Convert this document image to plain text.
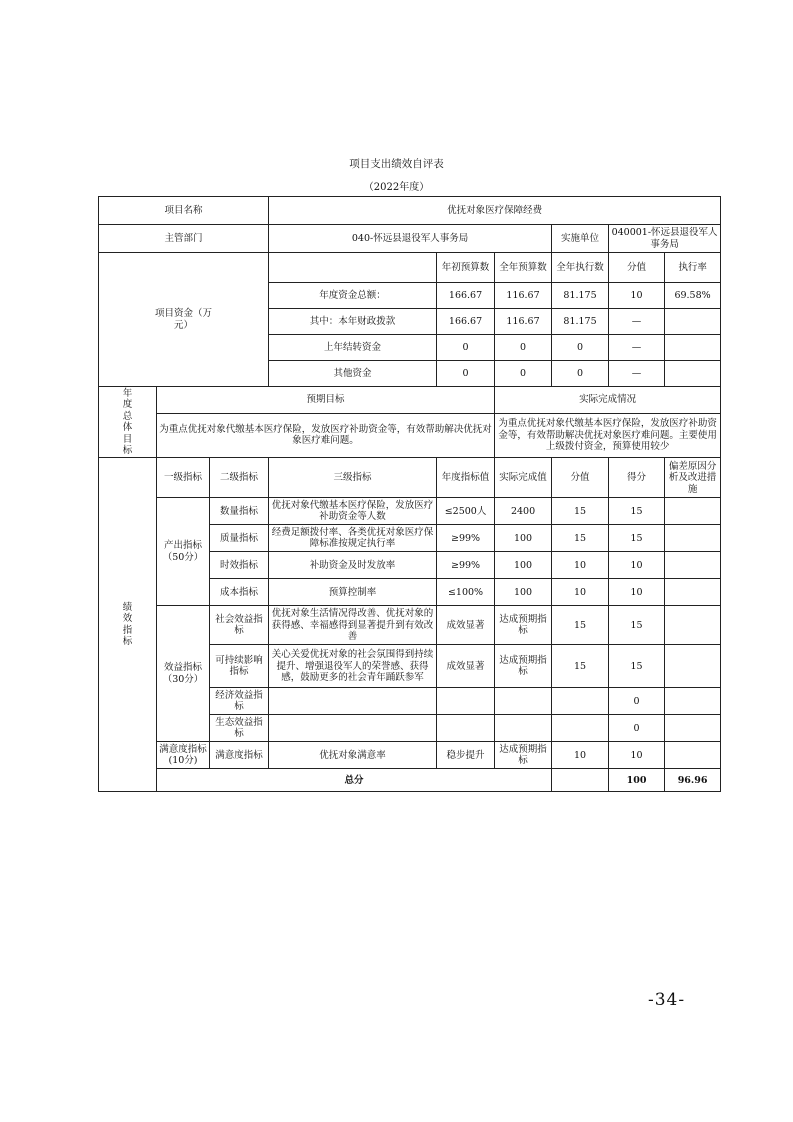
项目支出绩效自评表
（2022年度）
项目名称			优抚对象医疗保障经费						
主管部门			040-怀远县退役军人事务局			实施单位	040001-怀远县退役军人事务局		
项目资金（万元）				年初预算数	全年预算数	全年执行数	分值	执行率	
			年度资金总额：	166.67	116.67	81.175	10	69.58%	
			其中：本年财政拨款	166.67	116.67	81.175	—		
			上年结转资金	0	0	0	—		
			其他资金	0	0	0	—		
年度总体目标	预期目标				实际完成情况				
	为重点优抚对象代缴基本医疗保险，发放医疗补助资金等，有效帮助解决优抚对象医疗难问题。				为重点优抚对象代缴基本医疗保险，发放医疗补助资金等，有效帮助解决优抚对象医疗难问题。主要使用上级拨付资金，预算使用较少				
绩效指标	一级指标	二级指标	三级指标	年度指标值	实际完成值	分值	得分	偏差原因分析及改进措施	
	产出指标（50分）	数量指标	优抚对象代缴基本医疗保险，发放医疗补助资金等人数	≤2500人	2400	15	15		
		质量指标	经费足额拨付率、各类优抚对象医疗保障标准按规定执行率	≥99%	100	15	15		
		时效指标	补助资金及时发放率	≥99%	100	10	10		
		成本指标	预算控制率	≤100%	100	10	10		
	效益指标（30分）	社会效益指标	优抚对象生活情况得改善、优抚对象的获得感、幸福感得到显著提升到有效改善	成效显著	达成预期指标	15	15		
		可持续影响指标	关心关爱优抚对象的社会氛围得到持续提升、增强退役军人的荣誉感、获得感，鼓励更多的社会青年踊跃参军	成效显著	达成预期指标	15	15		
		经济效益指标					0		
		生态效益指标					0		
	满意度指标(10分)	满意度指标	优抚对象满意率	稳步提升	达成预期指标	10	10		
	总分						100	96.96	
-34-
